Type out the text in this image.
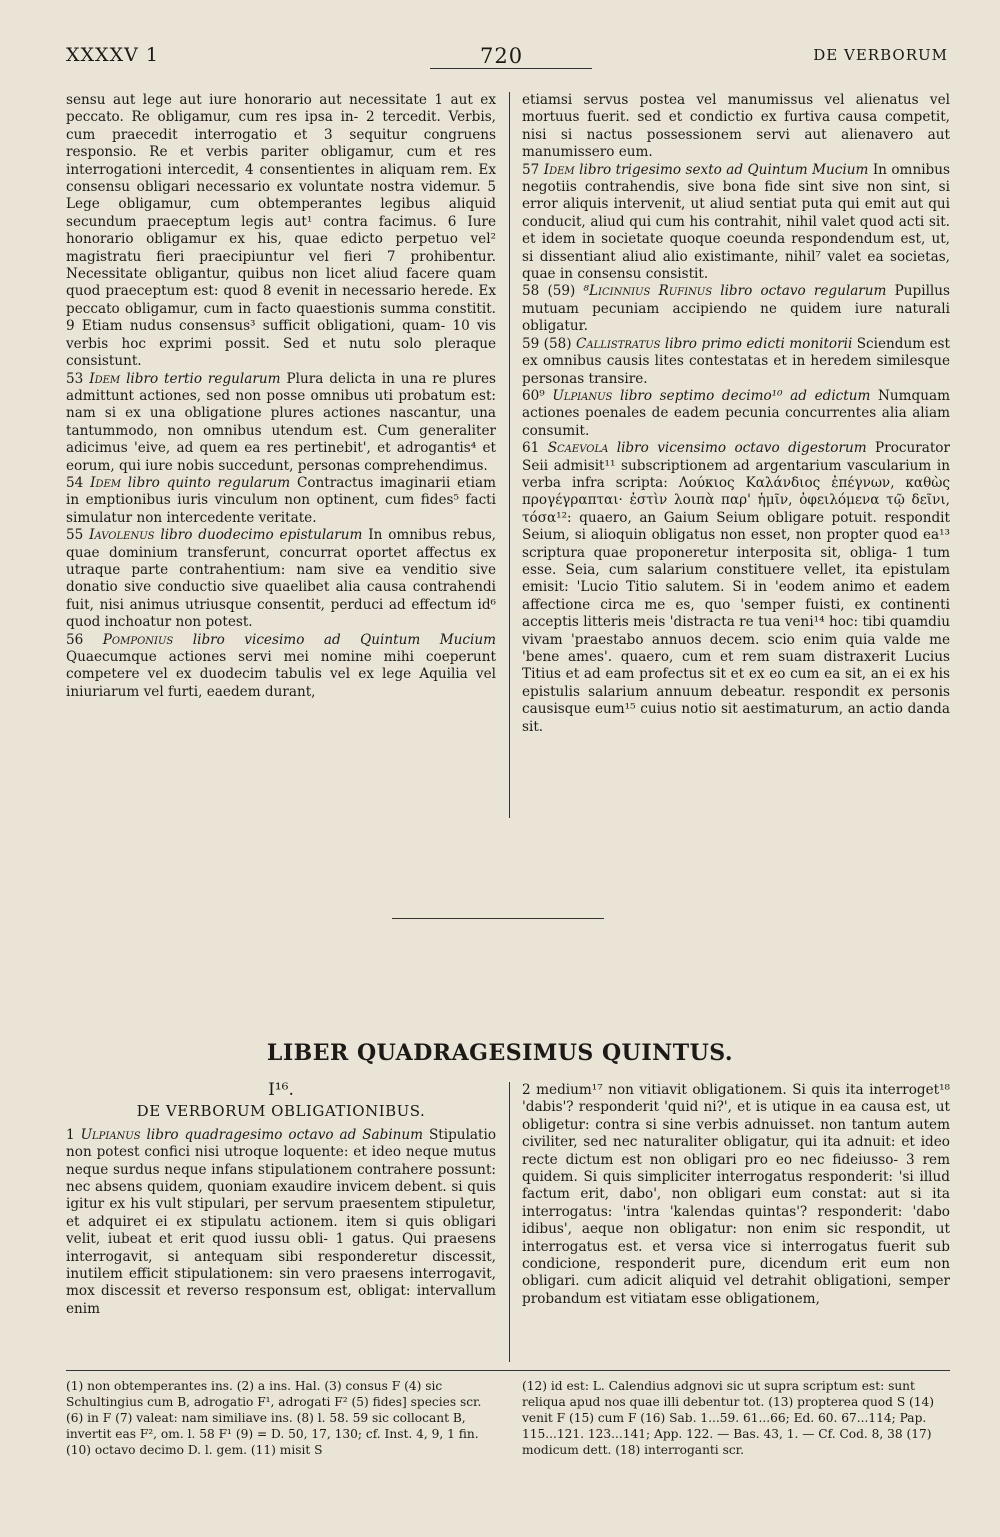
XXXXV 1	720	DE VERBORUM

sensu aut lege aut iure honorario aut necessitate 1 aut ex peccato. Re obligamur, cum res ipsa in- 2 tercedit. Verbis, cum praecedit interrogatio et 3 sequitur congruens responsio. Re et verbis pariter obligamur, cum et res interrogationi intercedit, 4 consentientes in aliquam rem. Ex consensu obligari necessario ex voluntate nostra videmur. 5 Lege obligamur, cum obtemperantes legibus aliquid secundum praeceptum legis aut¹ contra facimus. 6 Iure honorario obligamur ex his, quae edicto perpetuo vel² magistratu fieri praecipiuntur vel fieri 7 prohibentur. Necessitate obligantur, quibus non licet aliud facere quam quod praeceptum est: quod 8 evenit in necessario herede. Ex peccato obligamur, cum in facto quaestionis summa constitit. 9 Etiam nudus consensus³ sufficit obligationi, quam- 10 vis verbis hoc exprimi possit. Sed et nutu solo pleraque consistunt.

53 Idem libro tertio regularum Plura delicta in una re plures admittunt actiones, sed non posse omnibus uti probatum est: nam si ex una obligatione plures actiones nascantur, una tantummodo, non omnibus utendum est. Cum generaliter adicimus 'eive, ad quem ea res pertinebit', et adrogantis⁴ et eorum, qui iure nobis succedunt, personas comprehendimus.

54 Idem libro quinto regularum Contractus imaginarii etiam in emptionibus iuris vinculum non optinent, cum fides⁵ facti simulatur non intercedente veritate.

55 Iavolenus libro duodecimo epistularum In omnibus rebus, quae dominium transferunt, concurrat oportet affectus ex utraque parte contrahentium: nam sive ea venditio sive donatio sive conductio sive quaelibet alia causa contrahendi fuit, nisi animus utriusque consentit, perduci ad effectum id⁶ quod inchoatur non potest.

56 Pomponius libro vicesimo ad Quintum Mucium Quaecumque actiones servi mei nomine mihi coeperunt competere vel ex duodecim tabulis vel ex lege Aquilia vel iniuriarum vel furti, eaedem durant,

etiamsi servus postea vel manumissus vel alienatus vel mortuus fuerit. sed et condictio ex furtiva causa competit, nisi si nactus possessionem servi aut alienavero aut manumissero eum.

57 Idem libro trigesimo sexto ad Quintum Mucium In omnibus negotiis contrahendis, sive bona fide sint sive non sint, si error aliquis intervenit, ut aliud sentiat puta qui emit aut qui conducit, aliud qui cum his contrahit, nihil valet quod acti sit. et idem in societate quoque coeunda respondendum est, ut, si dissentiant aliud alio existimante, nihil⁷ valet ea societas, quae in consensu consistit.

58 (59) ⁸Licinnius Rufinus libro octavo regularum Pupillus mutuam pecuniam accipiendo ne quidem iure naturali obligatur.

59 (58) Callistratus libro primo edicti monitorii Sciendum est ex omnibus causis lites contestatas et in heredem similesque personas transire.

60⁹ Ulpianus libro septimo decimo¹⁰ ad edictum Numquam actiones poenales de eadem pecunia concurrentes alia aliam consumit.

61 Scaevola libro vicensimo octavo digestorum Procurator Seii admisit¹¹ subscriptionem ad argentarium vascularium in verba infra scripta: Λούκιος Καλάνδιος ἐπέγνων, καθὼς προγέγραπται· ἐστὶν λοιπὰ παρ' ἡμῖν, ὀφειλόμενα τῷ δεῖνι, τόσα¹²: quaero, an Gaium Seium obligare potuit. respondit Seium, si alioquin obligatus non esset, non propter quod ea¹³ scriptura quae proponeretur interposita sit, obliga- 1 tum esse. Seia, cum salarium constituere vellet, ita epistulam emisit: 'Lucio Titio salutem. Si in 'eodem animo et eadem affectione circa me es, quo 'semper fuisti, ex continenti acceptis litteris meis 'distracta re tua veni¹⁴ hoc: tibi quamdiu vivam 'praestabo annuos decem. scio enim quia valde me 'bene ames'. quaero, cum et rem suam distraxerit Lucius Titius et ad eam profectus sit et ex eo cum ea sit, an ei ex his epistulis salarium annuum debeatur. respondit ex personis causisque eum¹⁵ cuius notio sit aestimaturum, an actio danda sit.

LIBER QUADRAGESIMUS QUINTUS.
I¹⁶.
DE VERBORUM OBLIGATIONIBUS.

1 Ulpianus libro quadragesimo octavo ad Sabinum Stipulatio non potest confici nisi utroque loquente: et ideo neque mutus neque surdus neque infans stipulationem contrahere possunt: nec absens quidem, quoniam exaudire invicem debent. si quis igitur ex his vult stipulari, per servum praesentem stipuletur, et adquiret ei ex stipulatu actionem. item si quis obligari velit, iubeat et erit quod iussu obli- 1 gatus. Qui praesens interrogavit, si antequam sibi responderetur discessit, inutilem efficit stipulationem: sin vero praesens interrogavit, mox discessit et reverso responsum est, obligat: intervallum enim

2 medium¹⁷ non vitiavit obligationem. Si quis ita interroget¹⁸ 'dabis'? responderit 'quid ni?', et is utique in ea causa est, ut obligetur: contra si sine verbis adnuisset. non tantum autem civiliter, sed nec naturaliter obligatur, qui ita adnuit: et ideo recte dictum est non obligari pro eo nec fideiusso- 3 rem quidem. Si quis simpliciter interrogatus responderit: 'si illud factum erit, dabo', non obligari eum constat: aut si ita interrogatus: 'intra 'kalendas quintas'? responderit: 'dabo idibus', aeque non obligatur: non enim sic respondit, ut interrogatus est. et versa vice si interrogatus fuerit sub condicione, responderit pure, dicendum erit eum non obligari. cum adicit aliquid vel detrahit obligationi, semper probandum est vitiatam esse obligationem,

(1) non obtemperantes ins. (2) a ins. Hal. (3) consus F (4) sic Schultingius cum B, adrogatio F¹, adrogati F² (5) fides] species scr. (6) in F (7) valeat: nam similiave ins. (8) l. 58. 59 sic collocant B, invertit eas F², om. l. 58 F¹ (9) = D. 50, 17, 130; cf. Inst. 4, 9, 1 fin. (10) octavo decimo D. l. gem. (11) misit S
(12) id est: L. Calendius adgnovi sic ut supra scriptum est: sunt reliqua apud nos quae illi debentur tot. (13) propterea quod S (14) venit F (15) cum F (16) Sab. 1...59. 61...66; Ed. 60. 67...114; Pap. 115...121. 123...141; App. 122. — Bas. 43, 1. — Cf. Cod. 8, 38 (17) modicum dett. (18) interroganti scr.
